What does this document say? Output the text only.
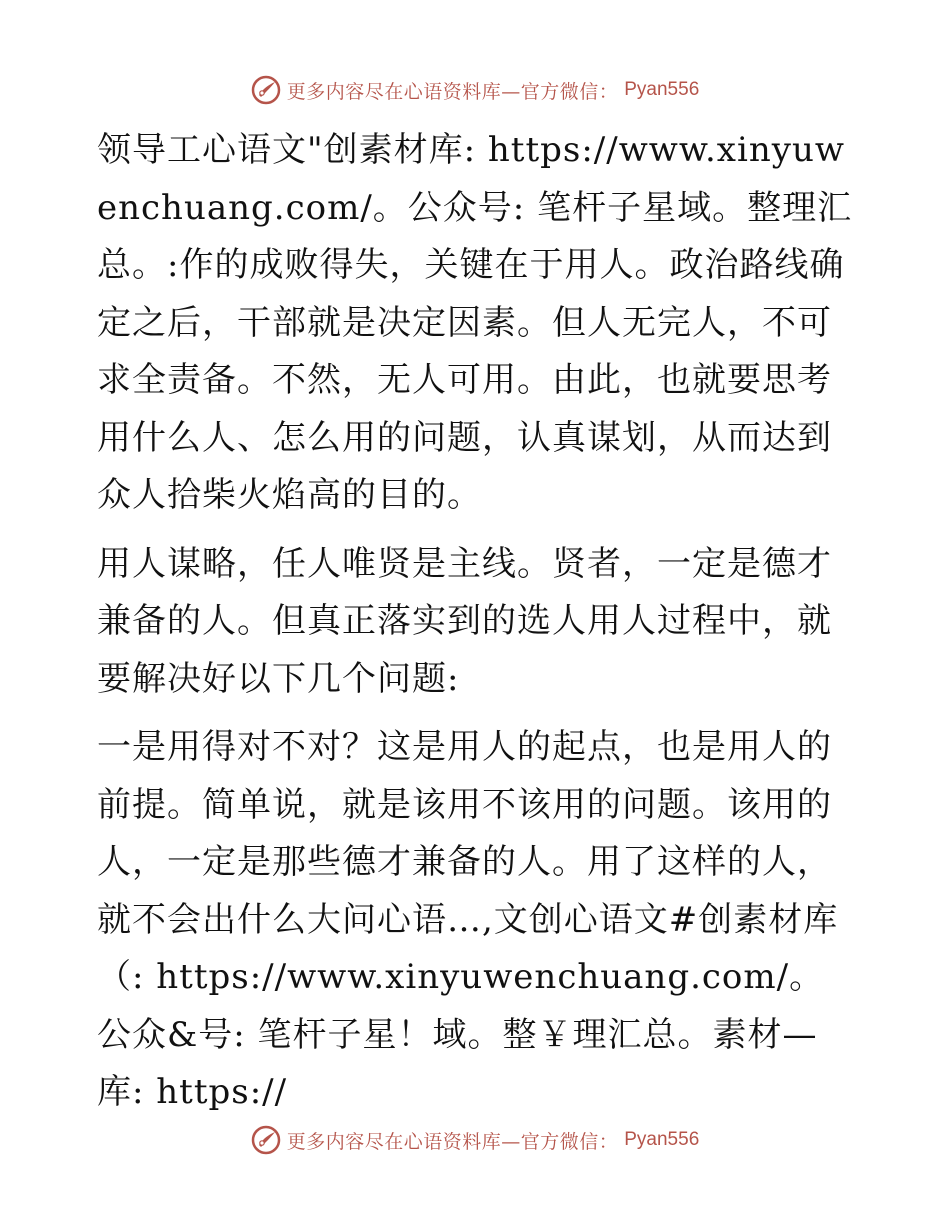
更多内容尽在心语资料库—官方微信： Pyan556

领导工心语文"创素材库: https://www.xinyuwenchuang.com/。公众号: 笔杆子星域。整理汇总。:作的成败得失，关键在于用人。政治路线确定之后，干部就是决定因素。但人无完人，不可求全责备。不然，无人可用。由此，也就要思考用什么人、怎么用的问题，认真谋划，从而达到众人拾柴火焰高的目的。

用人谋略，任人唯贤是主线。贤者，一定是德才兼备的人。但真正落实到的选人用人过程中，就要解决好以下几个问题:

一是用得对不对？这是用人的起点，也是用人的前提。简单说，就是该用不该用的问题。该用的人，一定是那些德才兼备的人。用了这样的人，就不会出什么大问心语…,文创心语文#创素材库（: https://www.xinyuwenchuang.com/。公众&号: 笔杆子星！域。整￥理汇总。素材—库: https://

更多内容尽在心语资料库—官方微信： Pyan556
